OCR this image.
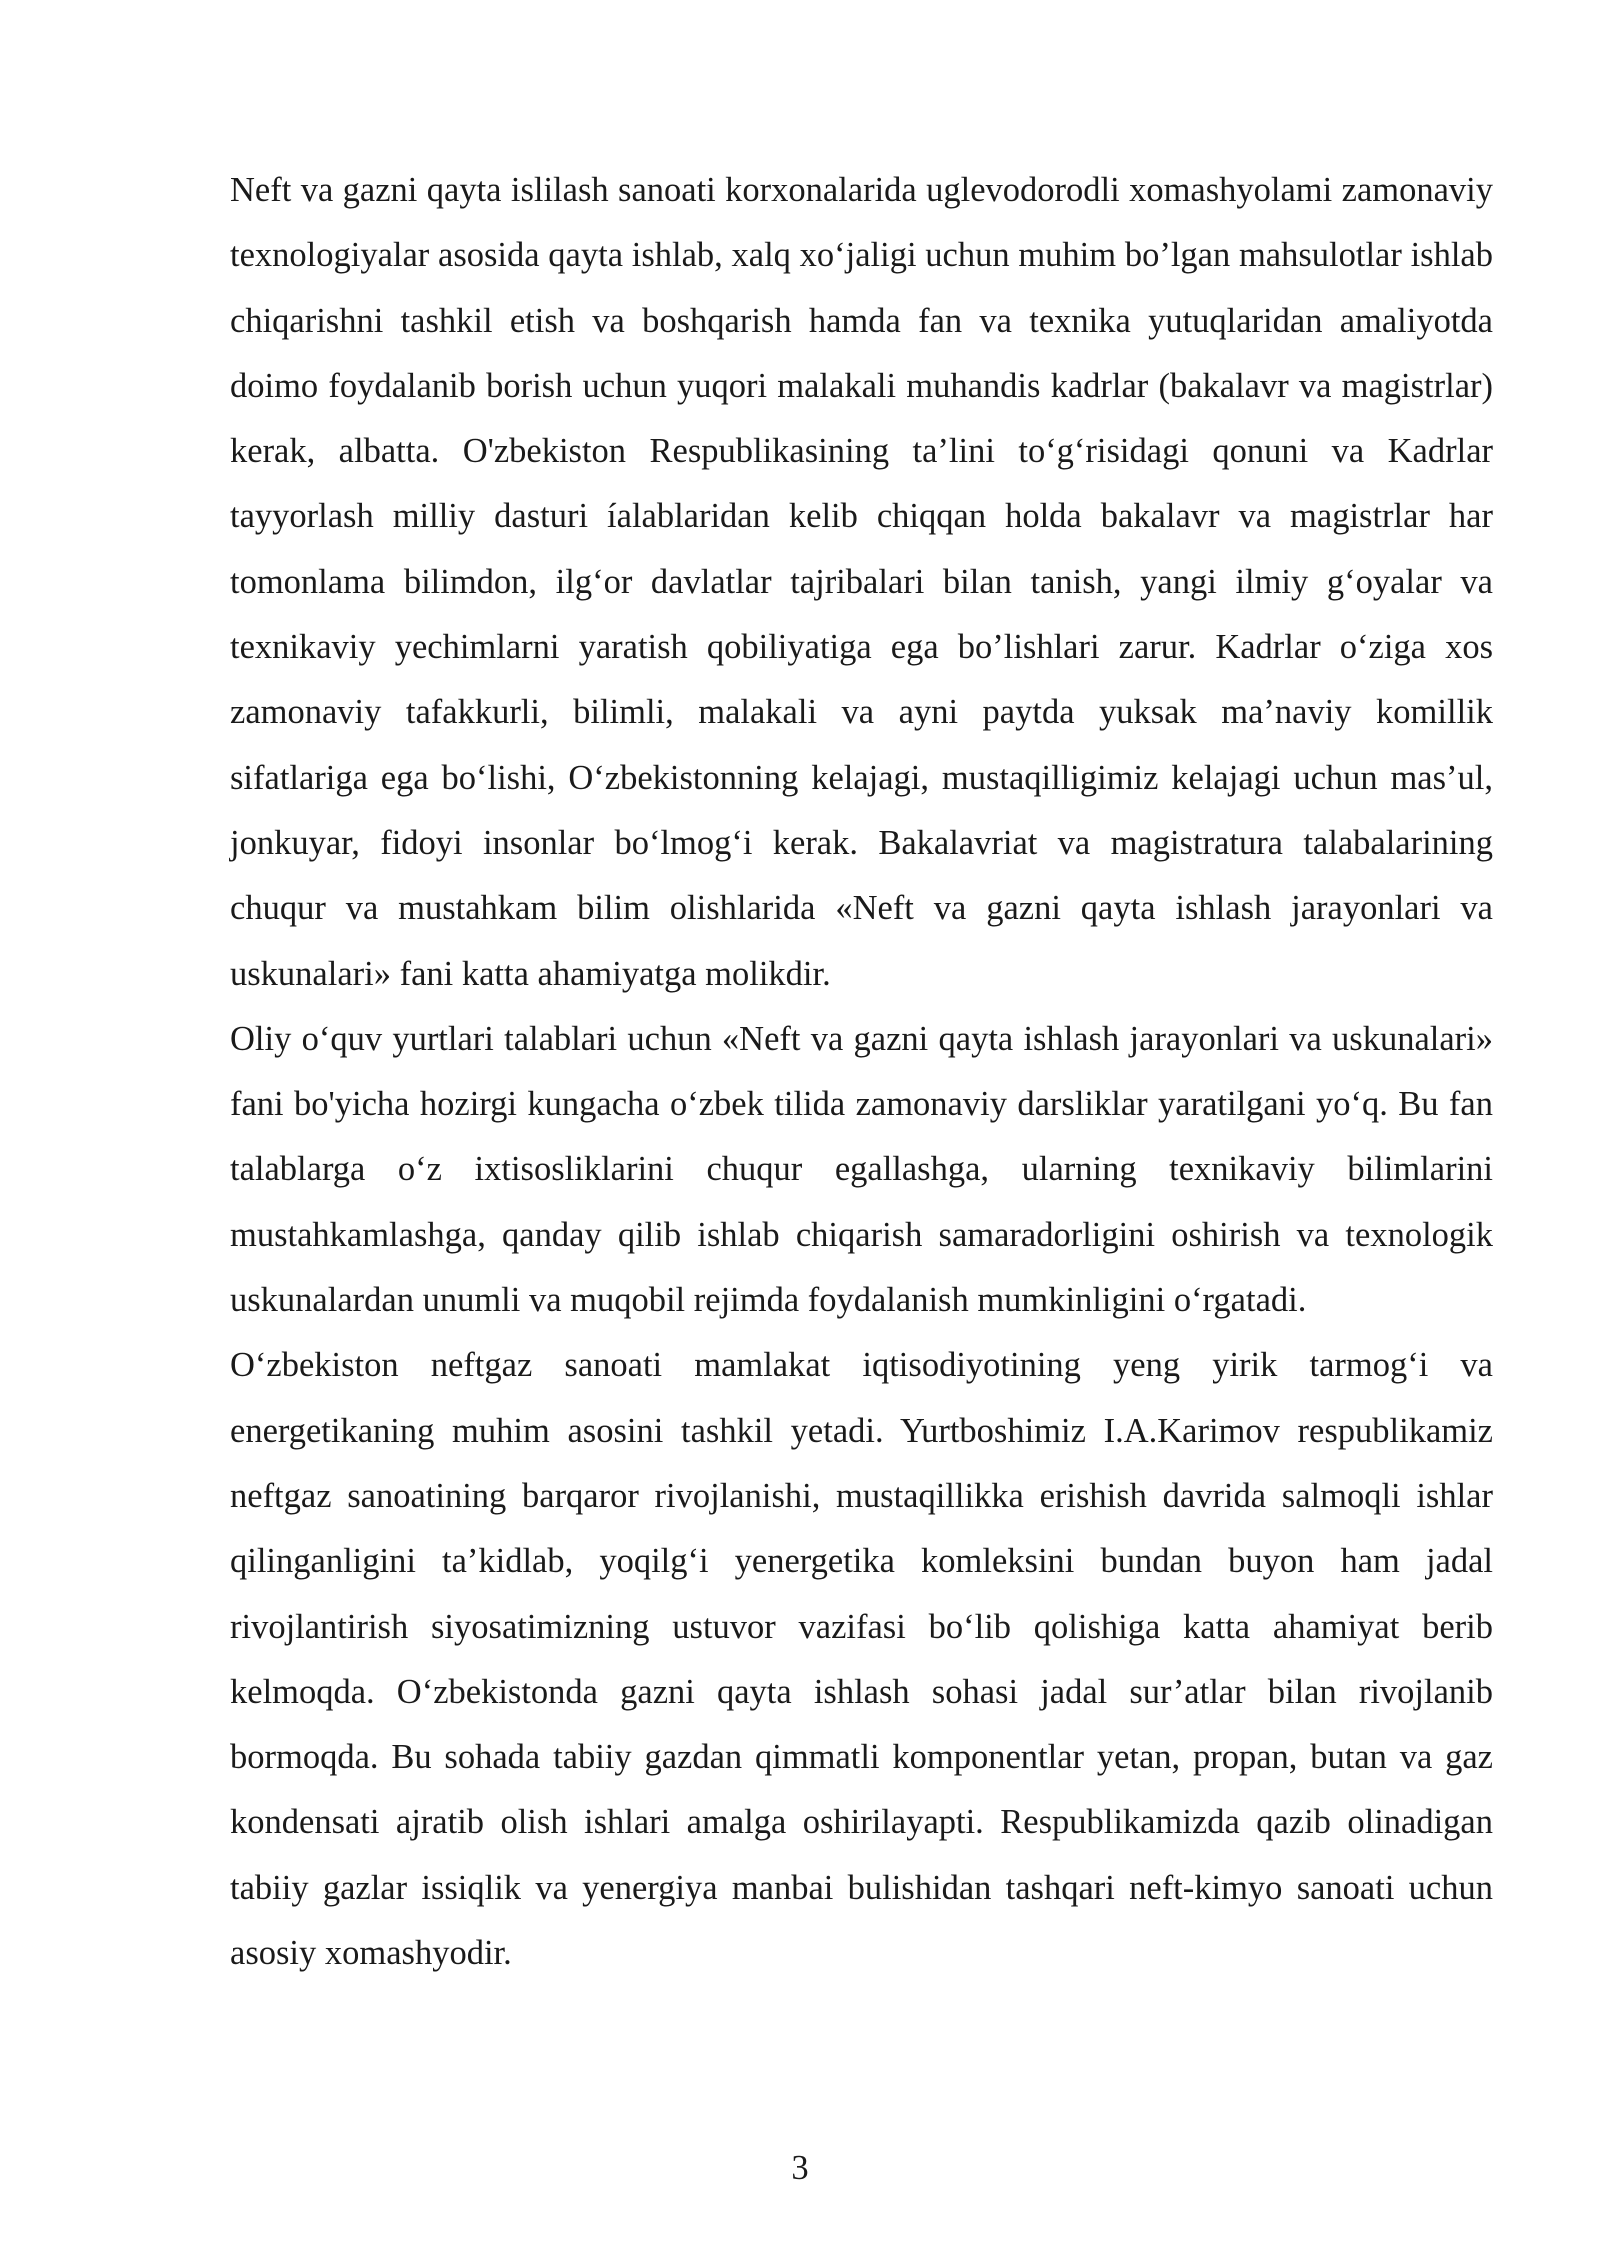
Neft va gazni qayta islilash sanoati korxonalarida uglevodorodli xomashyolami zamonaviy texnologiyalar asosida qayta ishlab, xalq xo‘jaligi uchun muhim bo’lgan mahsulotlar ishlab chiqarishni tashkil etish va boshqarish hamda fan va texnika yutuqlaridan amaliyotda doimo foydalanib borish uchun yuqori malakali muhandis kadrlar (bakalavr va magistrlar) kerak, albatta. O'zbekiston Respublikasining ta’lini to‘g‘risidagi qonuni va Kadrlar tayyorlash milliy dasturi íalablaridan kelib chiqqan holda bakalavr va magistrlar har tomonlama bilimdon, ilg‘or davlatlar tajribalari bilan tanish, yangi ilmiy g‘oyalar va texnikaviy yechimlarni yaratish qobiliyatiga ega bo’lishlari zarur. Kadrlar o‘ziga xos zamonaviy tafakkurli, bilimli, malakali va ayni paytda yuksak ma’naviy komillik sifatlariga ega bo‘lishi, O‘zbekistonning kelajagi, mustaqilligimiz kelajagi uchun mas’ul, jonkuyar, fidoyi insonlar bo‘lmog‘i kerak. Bakalavriat va magistratura talabalarining chuqur va mustahkam bilim olishlarida «Neft va gazni qayta ishlash jarayonlari va uskunalari» fani katta ahamiyatga molikdir.

Oliy o‘quv yurtlari talablari uchun «Neft va gazni qayta ishlash jarayonlari va uskunalari» fani bo'yicha hozirgi kungacha o‘zbek tilida zamonaviy darsliklar yaratilgani yo‘q. Bu fan talablarga o‘z ixtisosliklarini chuqur egallashga, ularning texnikaviy bilimlarini mustahkamlashga, qanday qilib ishlab chiqarish samaradorligini oshirish va texnologik uskunalardan unumli va muqobil rejimda foydalanish mumkinligini o‘rgatadi.

O‘zbekiston neftgaz sanoati mamlakat iqtisodiyotining yeng yirik tarmog‘i va energetikaning muhim asosini tashkil yetadi. Yurtboshimiz I.A.Karimov respublikamiz neftgaz sanoatining barqaror rivojlanishi, mustaqillikka erishish davrida salmoqli ishlar qilinganligini ta’kidlab, yoqilg‘i yenergetika komleksini bundan buyon ham jadal rivojlantirish siyosatimizning ustuvor vazifasi bo‘lib qolishiga katta ahamiyat berib kelmoqda. O‘zbekistonda gazni qayta ishlash sohasi jadal sur’atlar bilan rivojlanib bormoqda. Bu sohada tabiiy gazdan qimmatli komponentlar yetan, propan, butan va gaz kondensati ajratib olish ishlari amalga oshirilayapti. Respublikamizda qazib olinadigan tabiiy gazlar issiqlik va yenergiya manbai bulishidan tashqari neft-kimyo sanoati uchun asosiy xomashyodir.

3
